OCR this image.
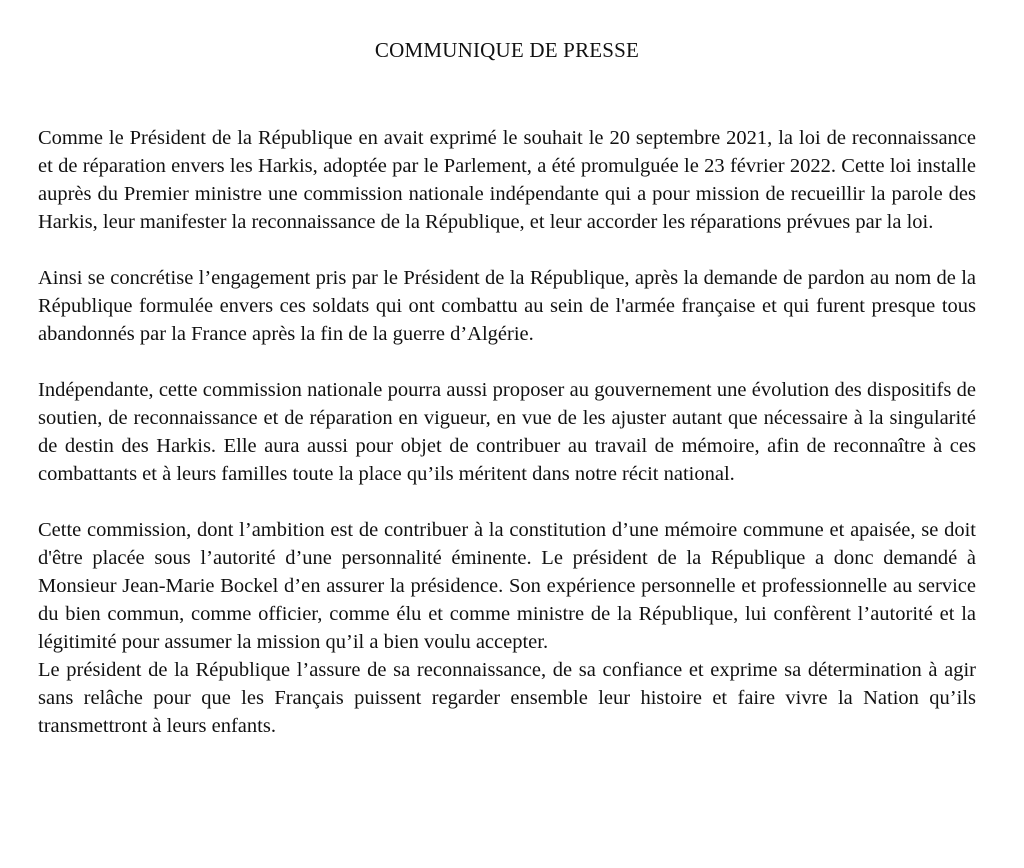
COMMUNIQUE DE PRESSE

Comme le Président de la République en avait exprimé le souhait le 20 septembre 2021, la loi de reconnaissance et de réparation envers les Harkis, adoptée par le Parlement, a été promulguée le 23 février 2022. Cette loi installe auprès du Premier ministre une commission nationale indépendante qui a pour mission de recueillir la parole des Harkis, leur manifester la reconnaissance de la République, et leur accorder les réparations prévues par la loi.

Ainsi se concrétise l’engagement pris par le Président de la République, après la demande de pardon au nom de la République formulée envers ces soldats qui ont combattu au sein de l'armée française et qui furent presque tous abandonnés par la France après la fin de la guerre d’Algérie.

Indépendante, cette commission nationale pourra aussi proposer au gouvernement une évolution des dispositifs de soutien, de reconnaissance et de réparation en vigueur, en vue de les ajuster autant que nécessaire à la singularité de destin des Harkis. Elle aura aussi pour objet de contribuer au travail de mémoire, afin de reconnaître à ces combattants et à leurs familles toute la place qu’ils méritent dans notre récit national.

Cette commission, dont l’ambition est de contribuer à la constitution d’une mémoire commune et apaisée, se doit d'être placée sous l’autorité d’une personnalité éminente. Le président de la République a donc demandé à Monsieur Jean-Marie Bockel d’en assurer la présidence. Son expérience personnelle et professionnelle au service du bien commun, comme officier, comme élu et comme ministre de la République, lui confèrent l’autorité et la légitimité pour assumer la mission qu’il a bien voulu accepter.

Le président de la République l’assure de sa reconnaissance, de sa confiance et exprime sa détermination à agir sans relâche pour que les Français puissent regarder ensemble leur histoire et faire vivre la Nation qu’ils transmettront à leurs enfants.
